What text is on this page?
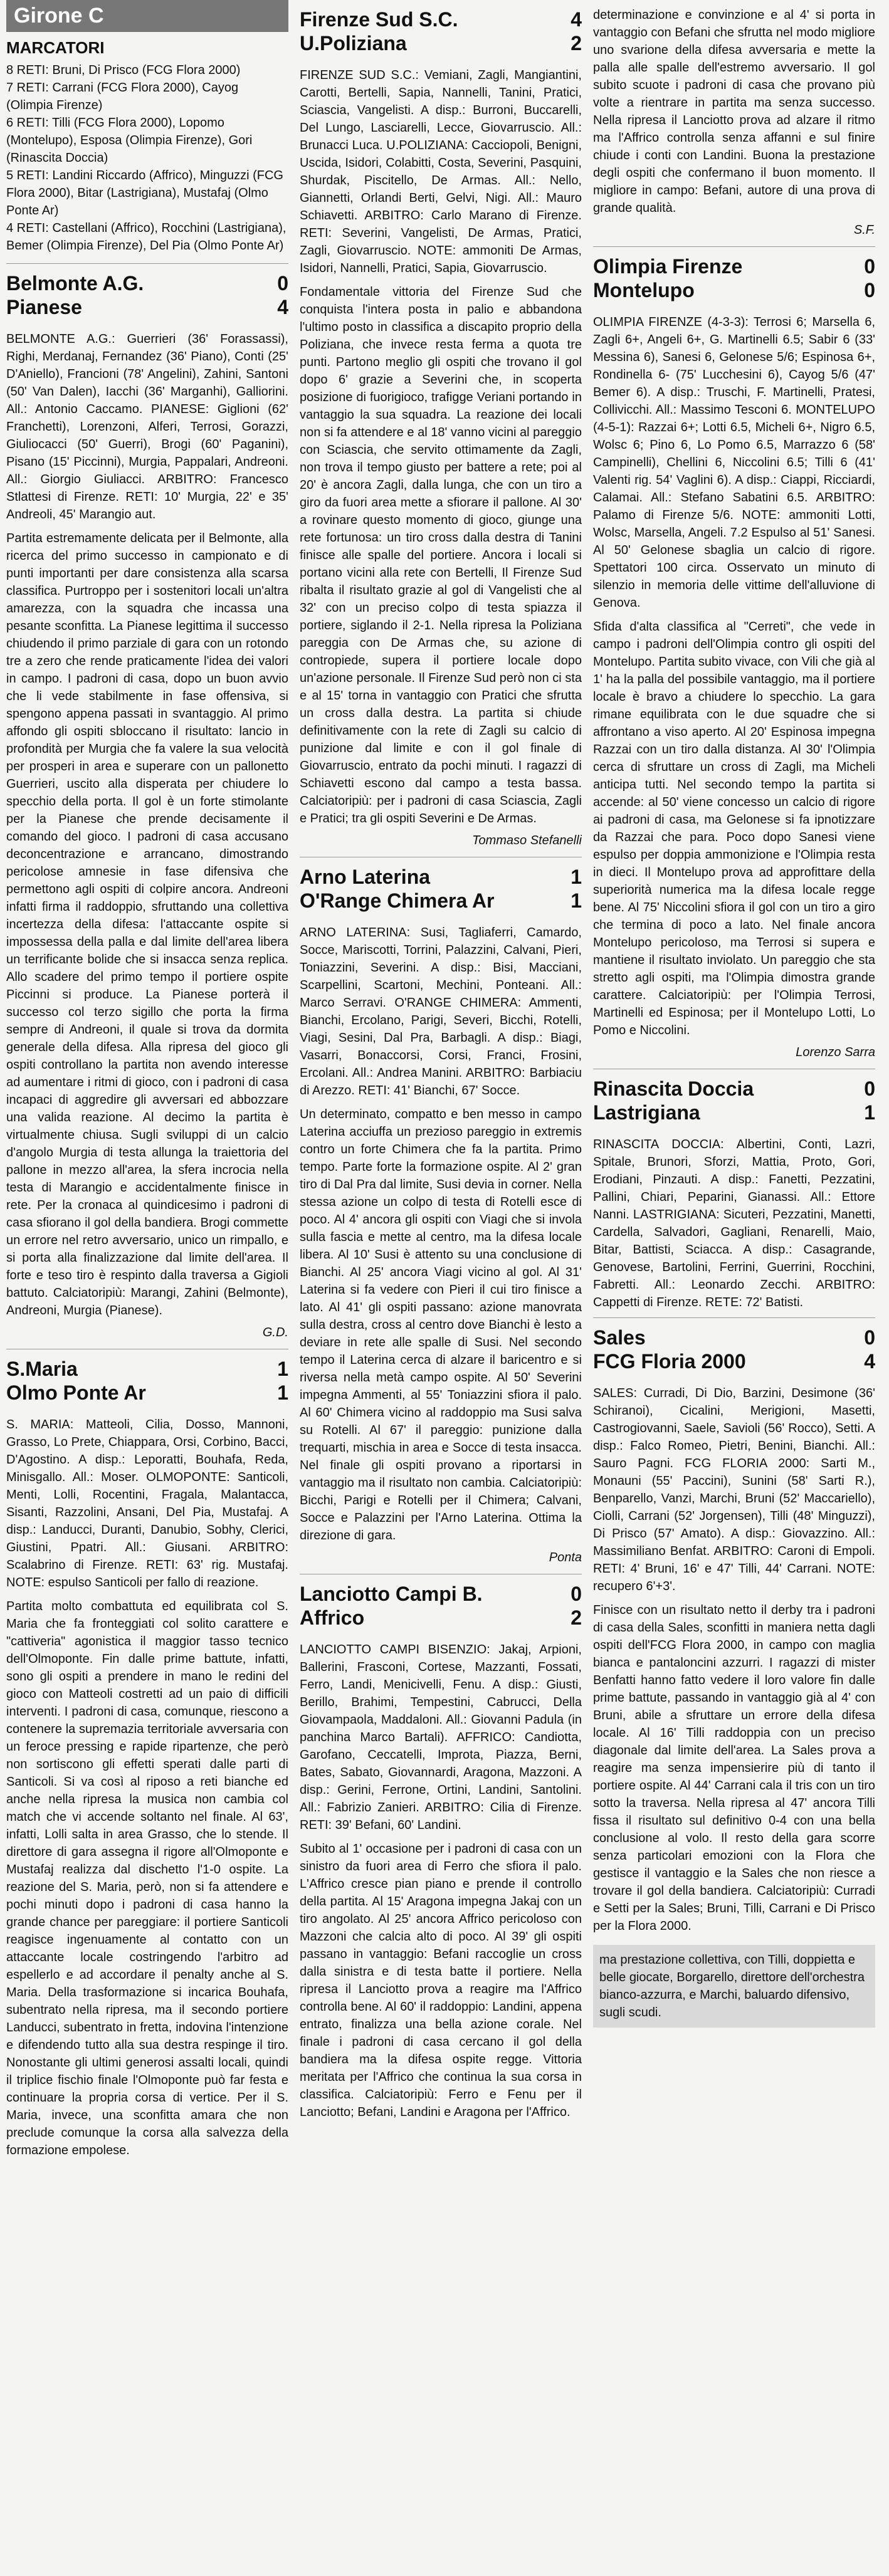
Girone C
MARCATORI
8 RETI: Bruni, Di Prisco (FCG Flora 2000)
7 RETI: Carrani (FCG Flora 2000), Cayog (Olimpia Firenze)
6 RETI: Tilli (FCG Flora 2000), Lopomo (Montelupo), Esposa (Olimpia Firenze), Gori (Rinascita Doccia)
5 RETI: Landini Riccardo (Affrico), Minguzzi (FCG Flora 2000), Bitar (Lastrigiana), Mustafaj (Olmo Ponte Ar)
4 RETI: Castellani (Affrico), Rocchini (Lastrigiana), Bemer (Olimpia Firenze), Del Pia (Olmo Ponte Ar)
Belmonte A.G.	0
Pianese	4
BELMONTE A.G.: Guerrieri (36' Forassassi), Righi, Merdanaj, Fernandez (36' Piano), Conti (25' D'Aniello), Francioni (78' Angelini), Zahini, Santoni (50' Van Dalen), Iacchi (36' Marganhi), Galliorini. All.: Antonio Caccamo. PIANESE: Giglioni (62' Franchetti), Lorenzoni, Alferi, Terrosi, Gorazzi, Giuliocacci (50' Guerri), Brogi (60' Paganini), Pisano (15' Piccinni), Murgia, Pappalari, Andreoni. All.: Giorgio Giuliacci. ARBITRO: Francesco Stlattesi di Firenze. RETI: 10' Murgia, 22' e 35' Andreoli, 45' Marangio aut.
Partita estremamente delicata per il Belmonte, alla ricerca del primo successo in campionato e di punti importanti per dare consistenza alla scarsa classifica. Purtroppo per i sostenitori locali un'altra amarezza, con la squadra che incassa una pesante sconfitta. La Pianese legittima il successo chiudendo il primo parziale di gara con un rotondo tre a zero che rende praticamente l'idea dei valori in campo. I padroni di casa, dopo un buon avvio che li vede stabilmente in fase offensiva, si spengono appena passati in svantaggio. Al primo affondo gli ospiti sbloccano il risultato: lancio in profondità per Murgia che fa valere la sua velocità per prosperi in area e superare con un pallonetto Guerrieri, uscito alla disperata per chiudere lo specchio della porta. Il gol è un forte stimolante per la Pianese che prende decisamente il comando del gioco. I padroni di casa accusano deconcentrazione e arrancano, dimostrando pericolose amnesie in fase difensiva che permettono agli ospiti di colpire ancora. Andreoni infatti firma il raddoppio, sfruttando una collettiva incertezza della difesa: l'attaccante ospite si impossessa della palla e dal limite dell'area libera un terrificante bolide che si insacca senza replica. Allo scadere del primo tempo il portiere ospite Piccinni si produce. La Pianese porterà il successo col terzo sigillo che porta la firma sempre di Andreoni, il quale si trova da dormita generale della difesa. Alla ripresa del gioco gli ospiti controllano la partita non avendo interesse ad aumentare i ritmi di gioco, con i padroni di casa incapaci di aggredire gli avversari ed abbozzare una valida reazione. Al decimo la partita è virtualmente chiusa. Sugli sviluppi di un calcio d'angolo Murgia di testa allunga la traiettoria del pallone in mezzo all'area, la sfera incrocia nella testa di Marangio e accidentalmente finisce in rete. Per la cronaca al quindicesimo i padroni di casa sfiorano il gol della bandiera. Brogi commette un errore nel retro avversario, unico un rimpallo, e si porta alla finalizzazione dal limite dell'area. Il forte e teso tiro è respinto dalla traversa a Gigioli battuto. Calciatoripiù: Marangi, Zahini (Belmonte), Andreoni, Murgia (Pianese).
G.D.
S.Maria	1
Olmo Ponte Ar	1
S. MARIA: Matteoli, Cilia, Dosso, Mannoni, Grasso, Lo Prete, Chiappara, Orsi, Corbino, Bacci, D'Agostino. A disp.: Leporatti, Bouhafa, Reda, Minisgallo. All.: Moser. OLMOPONTE: Santicoli, Menti, Lolli, Rocentini, Fragala, Malantacca, Sisanti, Razzolini, Ansani, Del Pia, Mustafaj. A disp.: Landucci, Duranti, Danubio, Sobhy, Clerici, Giustini, Ppatri. All.: Giusani. ARBITRO: Scalabrino di Firenze. RETI: 63' rig. Mustafaj. NOTE: espulso Santicoli per fallo di reazione.
Partita molto combattuta ed equilibrata col S. Maria che fa fronteggiati col solito carattere e "cattiveria" agonistica il maggior tasso tecnico dell'Olmoponte. Fin dalle prime battute, infatti, sono gli ospiti a prendere in mano le redini del gioco con Matteoli costretti ad un paio di difficili interventi. I padroni di casa, comunque, riescono a contenere la supremazia territoriale avversaria con un feroce pressing e rapide ripartenze, che però non sortiscono gli effetti sperati dalle parti di Santicoli. Si va così al riposo a reti bianche ed anche nella ripresa la musica non cambia col match che vi accende soltanto nel finale. Al 63', infatti, Lolli salta in area Grasso, che lo stende. Il direttore di gara assegna il rigore all'Olmoponte e Mustafaj realizza dal dischetto l'1-0 ospite. La reazione del S. Maria, però, non si fa attendere e pochi minuti dopo i padroni di casa hanno la grande chance per pareggiare: il portiere Santicoli reagisce ingenuamente al contatto con un attaccante locale costringendo l'arbitro ad espellerlo e ad accordare il penalty anche al S. Maria. Della trasformazione si incarica Bouhafa, subentrato nella ripresa, ma il secondo portiere Landucci, subentrato in fretta, indovina l'intenzione e difendendo tutto alla sua destra respinge il tiro. Nonostante gli ultimi generosi assalti locali, quindi il triplice fischio finale l'Olmoponte può far festa e continuare la propria corsa di vertice. Per il S. Maria, invece, una sconfitta amara che non preclude comunque la corsa alla salvezza della formazione empolese.
Firenze Sud S.C.	4
U.Poliziana	2
FIRENZE SUD S.C.: Vemiani, Zagli, Mangiantini, Carotti, Bertelli, Sapia, Nannelli, Tanini, Pratici, Sciascia, Vangelisti. A disp.: Burroni, Buccarelli, Del Lungo, Lasciarelli, Lecce, Giovarruscio. All.: Brunacci Luca. U.POLIZIANA: Cacciopoli, Benigni, Uscida, Isidori, Colabitti, Costa, Severini, Pasquini, Shurdak, Piscitello, De Armas. All.: Nello, Giannetti, Orlandi Berti, Gelvi, Nigi. All.: Mauro Schiavetti. ARBITRO: Carlo Marano di Firenze. RETI: Severini, Vangelisti, De Armas, Pratici, Zagli, Giovarruscio. NOTE: ammoniti De Armas, Isidori, Nannelli, Pratici, Sapia, Giovarruscio.
Fondamentale vittoria del Firenze Sud che conquista l'intera posta in palio e abbandona l'ultimo posto in classifica a discapito proprio della Poliziana, che invece resta ferma a quota tre punti. Partono meglio gli ospiti che trovano il gol dopo 6' grazie a Severini che, in scoperta posizione di fuorigioco, trafigge Veriani portando in vantaggio la sua squadra. La reazione dei locali non si fa attendere e al 18' vanno vicini al pareggio con Sciascia, che servito ottimamente da Zagli, non trova il tempo giusto per battere a rete; poi al 20' è ancora Zagli, dalla lunga, che con un tiro a giro da fuori area mette a sfiorare il pallone. Al 30' a rovinare questo momento di gioco, giunge una rete fortunosa: un tiro cross dalla destra di Tanini finisce alle spalle del portiere. Ancora i locali si portano vicini alla rete con Bertelli, Il Firenze Sud ribalta il risultato grazie al gol di Vangelisti che al 32' con un preciso colpo di testa spiazza il portiere, siglando il 2-1. Nella ripresa la Poliziana pareggia con De Armas che, su azione di contropiede, supera il portiere locale dopo un'azione personale. Il Firenze Sud però non ci sta e al 15' torna in vantaggio con Pratici che sfrutta un cross dalla destra. La partita si chiude definitivamente con la rete di Zagli su calcio di punizione dal limite e con il gol finale di Giovarruscio, entrato da pochi minuti. I ragazzi di Schiavetti escono dal campo a testa bassa. Calciatoripiù: per i padroni di casa Sciascia, Zagli e Pratici; tra gli ospiti Severini e De Armas.
Tommaso Stefanelli
Arno Laterina	1
O'Range Chimera Ar	1
ARNO LATERINA: Susi, Tagliaferri, Camardo, Socce, Mariscotti, Torrini, Palazzini, Calvani, Pieri, Toniazzini, Severini. A disp.: Bisi, Macciani, Scarpellini, Scartoni, Mechini, Ponteani. All.: Marco Serravi. O'RANGE CHIMERA: Ammenti, Bianchi, Ercolano, Parigi, Severi, Bicchi, Rotelli, Viagi, Sesini, Dal Pra, Barbagli. A disp.: Biagi, Vasarri, Bonaccorsi, Corsi, Franci, Frosini, Ercolani. All.: Andrea Manini. ARBITRO: Barbiaciu di Arezzo. RETI: 41' Bianchi, 67' Socce.
Un determinato, compatto e ben messo in campo Laterina acciuffa un prezioso pareggio in extremis contro un forte Chimera che fa la partita. Primo tempo. Parte forte la formazione ospite. Al 2' gran tiro di Dal Pra dal limite, Susi devia in corner. Nella stessa azione un colpo di testa di Rotelli esce di poco. Al 4' ancora gli ospiti con Viagi che si invola sulla fascia e mette al centro, ma la difesa locale libera. Al 10' Susi è attento su una conclusione di Bianchi. Al 25' ancora Viagi vicino al gol. Al 31' Laterina si fa vedere con Pieri il cui tiro finisce a lato. Al 41' gli ospiti passano: azione manovrata sulla destra, cross al centro dove Bianchi è lesto a deviare in rete alle spalle di Susi. Nel secondo tempo il Laterina cerca di alzare il baricentro e si riversa nella metà campo ospite. Al 50' Severini impegna Ammenti, al 55' Toniazzini sfiora il palo. Al 60' Chimera vicino al raddoppio ma Susi salva su Rotelli. Al 67' il pareggio: punizione dalla trequarti, mischia in area e Socce di testa insacca. Nel finale gli ospiti provano a riportarsi in vantaggio ma il risultato non cambia. Calciatoripiù: Bicchi, Parigi e Rotelli per il Chimera; Calvani, Socce e Palazzini per l'Arno Laterina. Ottima la direzione di gara.
Ponta
Lanciotto Campi B.	0
Affrico	2
LANCIOTTO CAMPI BISENZIO: Jakaj, Arpioni, Ballerini, Frasconi, Cortese, Mazzanti, Fossati, Ferro, Landi, Menicivelli, Fenu. A disp.: Giusti, Berillo, Brahimi, Tempestini, Cabrucci, Della Giovampaola, Maddaloni. All.: Giovanni Padula (in panchina Marco Bartali). AFFRICO: Candiotta, Garofano, Ceccatelli, Improta, Piazza, Berni, Bates, Sabato, Giovannardi, Aragona, Mazzoni. A disp.: Gerini, Ferrone, Ortini, Landini, Santolini. All.: Fabrizio Zanieri. ARBITRO: Cilia di Firenze. RETI: 39' Befani, 60' Landini.
Subito al 1' occasione per i padroni di casa con un sinistro da fuori area di Ferro che sfiora il palo. L'Affrico cresce pian piano e prende il controllo della partita. Al 15' Aragona impegna Jakaj con un tiro angolato. Al 25' ancora Affrico pericoloso con Mazzoni che calcia alto di poco. Al 39' gli ospiti passano in vantaggio: Befani raccoglie un cross dalla sinistra e di testa batte il portiere. Nella ripresa il Lanciotto prova a reagire ma l'Affrico controlla bene. Al 60' il raddoppio: Landini, appena entrato, finalizza una bella azione corale. Nel finale i padroni di casa cercano il gol della bandiera ma la difesa ospite regge. Vittoria meritata per l'Affrico che continua la sua corsa in classifica. Calciatoripiù: Ferro e Fenu per il Lanciotto; Befani, Landini e Aragona per l'Affrico.
determinazione e convinzione e al 4' si porta in vantaggio con Befani che sfrutta nel modo migliore uno svarione della difesa avversaria e mette la palla alle spalle dell'estremo avversario. Il gol subito scuote i padroni di casa che provano più volte a rientrare in partita ma senza successo. Nella ripresa il Lanciotto prova ad alzare il ritmo ma l'Affrico controlla senza affanni e sul finire chiude i conti con Landini. Buona la prestazione degli ospiti che confermano il buon momento. Il migliore in campo: Befani, autore di una prova di grande qualità.
S.F.
Olimpia Firenze	0
Montelupo	0
OLIMPIA FIRENZE (4-3-3): Terrosi 6; Marsella 6, Zagli 6+, Angeli 6+, G. Martinelli 6.5; Sabir 6 (33' Messina 6), Sanesi 6, Gelonese 5/6; Espinosa 6+, Rondinella 6- (75' Lucchesini 6), Cayog 5/6 (47' Bemer 6). A disp.: Truschi, F. Martinelli, Pratesi, Collivicchi. All.: Massimo Tesconi 6. MONTELUPO (4-5-1): Razzai 6+; Lotti 6.5, Micheli 6+, Nigro 6.5, Wolsc 6; Pino 6, Lo Pomo 6.5, Marrazzo 6 (58' Campinelli), Chellini 6, Niccolini 6.5; Tilli 6 (41' Valenti rig. 54' Vaglini 6). A disp.: Ciappi, Ricciardi, Calamai. All.: Stefano Sabatini 6.5. ARBITRO: Palamo di Firenze 5/6. NOTE: ammoniti Lotti, Wolsc, Marsella, Angeli. 7.2 Espulso al 51' Sanesi. Al 50' Gelonese sbaglia un calcio di rigore. Spettatori 100 circa. Osservato un minuto di silenzio in memoria delle vittime dell'alluvione di Genova.
Sfida d'alta classifica al "Cerreti", che vede in campo i padroni dell'Olimpia contro gli ospiti del Montelupo. Partita subito vivace, con Vili che già al 1' ha la palla del possibile vantaggio, ma il portiere locale è bravo a chiudere lo specchio. La gara rimane equilibrata con le due squadre che si affrontano a viso aperto. Al 20' Espinosa impegna Razzai con un tiro dalla distanza. Al 30' l'Olimpia cerca di sfruttare un cross di Zagli, ma Micheli anticipa tutti. Nel secondo tempo la partita si accende: al 50' viene concesso un calcio di rigore ai padroni di casa, ma Gelonese si fa ipnotizzare da Razzai che para. Poco dopo Sanesi viene espulso per doppia ammonizione e l'Olimpia resta in dieci. Il Montelupo prova ad approfittare della superiorità numerica ma la difesa locale regge bene. Al 75' Niccolini sfiora il gol con un tiro a giro che termina di poco a lato. Nel finale ancora Montelupo pericoloso, ma Terrosi si supera e mantiene il risultato inviolato. Un pareggio che sta stretto agli ospiti, ma l'Olimpia dimostra grande carattere. Calciatoripiù: per l'Olimpia Terrosi, Martinelli ed Espinosa; per il Montelupo Lotti, Lo Pomo e Niccolini.
Lorenzo Sarra
Rinascita Doccia	0
Lastrigiana	1
RINASCITA DOCCIA: Albertini, Conti, Lazri, Spitale, Brunori, Sforzi, Mattia, Proto, Gori, Erodiani, Pinzauti. A disp.: Fanetti, Pezzatini, Pallini, Chiari, Peparini, Gianassi. All.: Ettore Nanni. LASTRIGIANA: Sicuteri, Pezzatini, Manetti, Cardella, Salvadori, Gagliani, Renarelli, Maio, Bitar, Battisti, Sciacca. A disp.: Casagrande, Genovese, Bartolini, Ferrini, Guerrini, Rocchini, Fabretti. All.: Leonardo Zecchi. ARBITRO: Cappetti di Firenze. RETE: 72' Batisti.
Sales	0
FCG Floria 2000	4
SALES: Curradi, Di Dio, Barzini, Desimone (36' Schiranoi), Cicalini, Merigioni, Masetti, Castrogiovanni, Saele, Savioli (56' Rocco), Setti. A disp.: Falco Romeo, Pietri, Benini, Bianchi. All.: Sauro Pagni. FCG FLORIA 2000: Sarti M., Monauni (55' Paccini), Sunini (58' Sarti R.), Benparello, Vanzi, Marchi, Bruni (52' Maccariello), Ciolli, Carrani (52' Jorgensen), Tilli (48' Minguzzi), Di Prisco (57' Amato). A disp.: Giovazzino. All.: Massimiliano Benfat. ARBITRO: Caroni di Empoli. RETI: 4' Bruni, 16' e 47' Tilli, 44' Carrani. NOTE: recupero 6'+3'.
Finisce con un risultato netto il derby tra i padroni di casa della Sales, sconfitti in maniera netta dagli ospiti dell'FCG Flora 2000, in campo con maglia bianca e pantaloncini azzurri. I ragazzi di mister Benfatti hanno fatto vedere il loro valore fin dalle prime battute, passando in vantaggio già al 4' con Bruni, abile a sfruttare un errore della difesa locale. Al 16' Tilli raddoppia con un preciso diagonale dal limite dell'area. La Sales prova a reagire ma senza impensierire più di tanto il portiere ospite. Al 44' Carrani cala il tris con un tiro sotto la traversa. Nella ripresa al 47' ancora Tilli fissa il risultato sul definitivo 0-4 con una bella conclusione al volo. Il resto della gara scorre senza particolari emozioni con la Flora che gestisce il vantaggio e la Sales che non riesce a trovare il gol della bandiera. Calciatoripiù: Curradi e Setti per la Sales; Bruni, Tilli, Carrani e Di Prisco per la Flora 2000.
ma prestazione collettiva, con Tilli, doppietta e belle giocate, Borgarello, direttore dell'orchestra bianco-azzurra, e Marchi, baluardo difensivo, sugli scudi.
